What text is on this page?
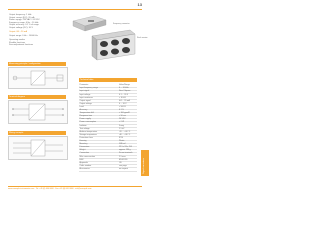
13
Output frequency: 1 kHz
Output current (DC): 20 mA
Power supply: 230 VAC / 24 VDC
Frequency range: 0 Hz - 10 kHz
Output accuracy: 0.1 % of range
Output voltage (DC): 10 V
Output: 0/4...20 mA
Output range: 0 Hz – 10000 Hz
Operating modes
Flexible functions
Zero-adjustment functions
Frequency converter
Rack version
Measuring principle / configuration
Terminal diagram
Wiring example
Technical data
Parameter	Value/Range
Input frequency range	0 ... 10 kHz
Input signal	Sine / Square
Input voltage	0.1 ... 30 V
Input resistance	> 10 kΩ
Output signal	0/4 ... 20 mA
Output voltage	0 ... 10 V
Load	< 500 Ω
Accuracy	0.1 %
Temperature drift	< 100 ppm/K
Response time	< 50 ms
Power supply	24 VDC
Power consumption	< 2 W
Isolation	3-way
Test voltage	2.5 kV
Ambient temperature	-20 ... +60 °C
Storage temperature	-40 ... +80 °C
Protection class	IP20
Housing	Plastic
Mounting	DIN rail
Dimensions	22.5 x 99 x 114
Weight	approx. 130 g
Connection	Screw terminals
Wire cross-section	2.5 mm²
EMC	EN 61326
Approvals	CE
Order number	see page
Accessories	on request	Signal converters
www.example-instruments.com · Tel. +49 (0) 000 0000 · Fax +49 (0) 000 0000 · info@example.com
